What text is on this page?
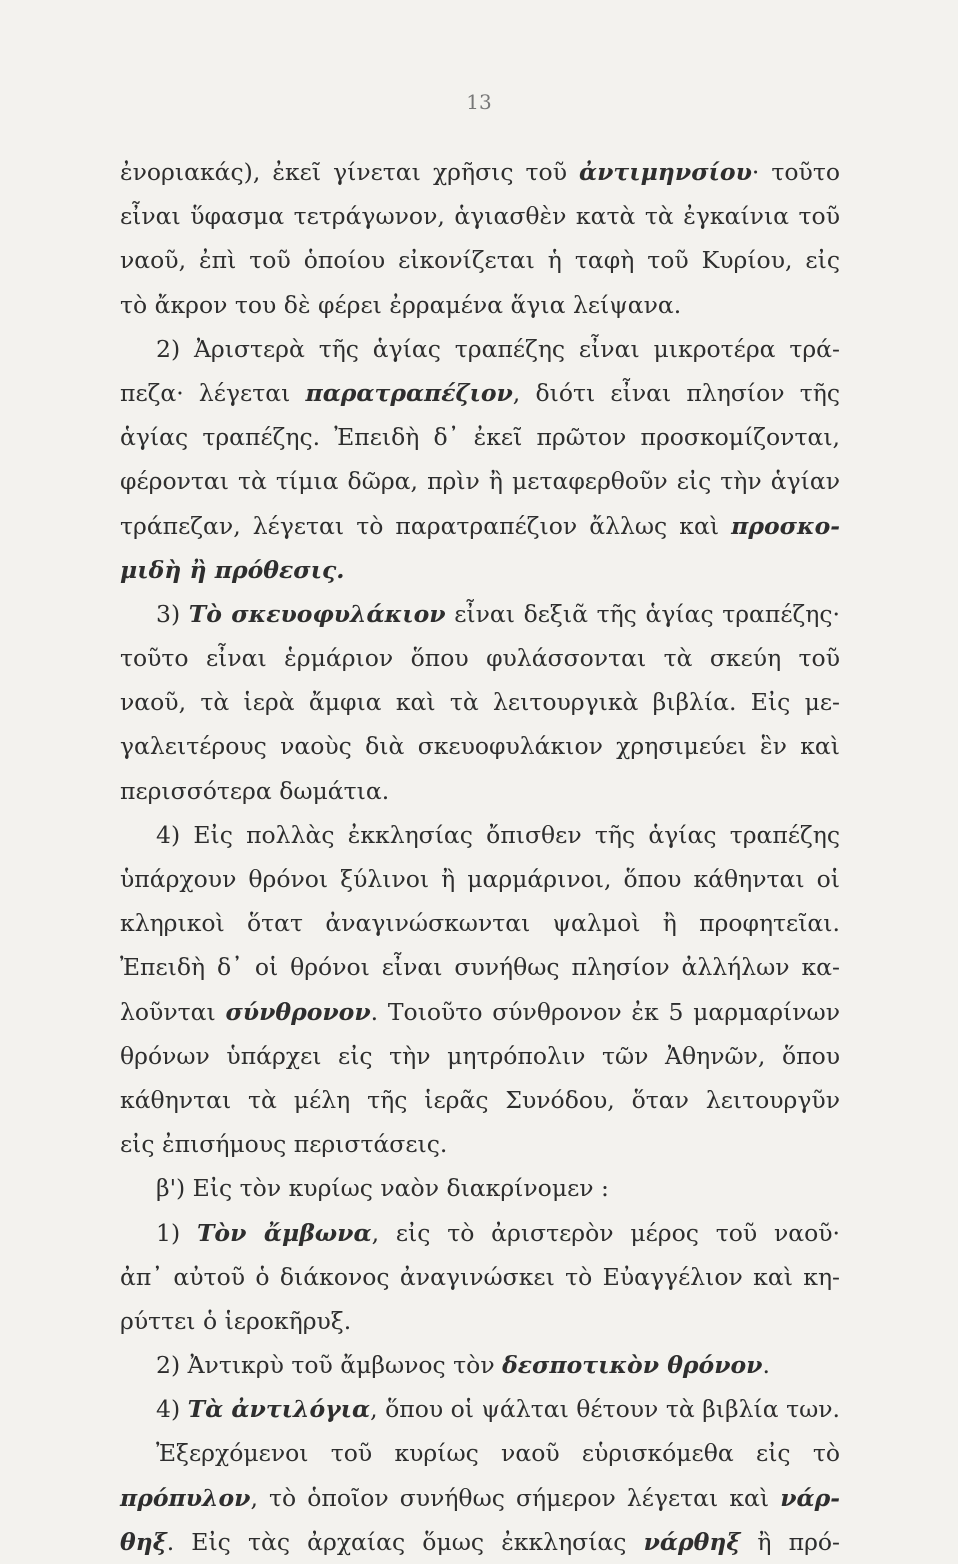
13
ἐνοριακάς), ἐκεῖ γίνεται χρῆσις τοῦ ἀντιμηνσίου· τοῦτο
εἶναι ὕφασμα τετράγωνον, ἁγιασθὲν κατὰ τὰ ἐγκαίνια τοῦ
ναοῦ, ἐπὶ τοῦ ὁποίου εἰκονίζεται ἡ ταφὴ τοῦ Κυρίου, εἰς
τὸ ἄκρον του δὲ φέρει ἐρραμένα ἅγια λείψανα.
2) Ἀριστερὰ τῆς ἁγίας τραπέζης εἶναι μικροτέρα τρά-
πεζα· λέγεται παρατραπέζιον, διότι εἶναι πλησίον τῆς
ἁγίας τραπέζης. Ἐπειδὴ δ᾽ ἐκεῖ πρῶτον προσκομίζονται,
φέρονται τὰ τίμια δῶρα, πρὶν ἢ μεταφερθοῦν εἰς τὴν ἁγίαν
τράπεζαν, λέγεται τὸ παρατραπέζιον ἄλλως καὶ προσκο-
μιδὴ ἢ πρόθεσις.
3) Τὸ σκευοφυλάκιον εἶναι δεξιᾶ τῆς ἁγίας τραπέζης·
τοῦτο εἶναι ἑρμάριον ὅπου φυλάσσονται τὰ σκεύη τοῦ
ναοῦ, τὰ ἱερὰ ἄμφια καὶ τὰ λειτουργικὰ βιβλία. Εἰς με-
γαλειτέρους ναοὺς διὰ σκευοφυλάκιον χρησιμεύει ἓν καὶ
περισσότερα δωμάτια.
4) Εἰς πολλὰς ἐκκλησίας ὄπισθεν τῆς ἁγίας τραπέζης
ὑπάρχουν θρόνοι ξύλινοι ἢ μαρμάρινοι, ὅπου κάθηνται οἱ
κληρικοὶ ὅτατ ἀναγινώσκωνται ψαλμοὶ ἢ προφητεῖαι.
Ἐπειδὴ δ᾽ οἱ θρόνοι εἶναι συνήθως πλησίον ἀλλήλων κα-
λοῦνται σύνθρονον. Τοιοῦτο σύνθρονον ἐκ 5 μαρμαρίνων
θρόνων ὑπάρχει εἰς τὴν μητρόπολιν τῶν Ἀθηνῶν, ὅπου
κάθηνται τὰ μέλη τῆς ἱερᾶς Συνόδου, ὅταν λειτουργῦν
εἰς ἐπισήμους περιστάσεις.
β') Εἰς τὸν κυρίως ναὸν διακρίνομεν :
1) Τὸν ἄμβωνα, εἰς τὸ ἀριστερὸν μέρος τοῦ ναοῦ·
ἀπ᾽ αὐτοῦ ὁ διάκονος ἀναγινώσκει τὸ Εὐαγγέλιον καὶ κη-
ρύττει ὁ ἱεροκῆρυξ.
2) Ἀντικρὺ τοῦ ἄμβωνος τὸν δεσποτικὸν θρόνον.
4) Τὰ ἀντιλόγια, ὅπου οἱ ψάλται θέτουν τὰ βιβλία των.
Ἐξερχόμενοι τοῦ κυρίως ναοῦ εὑρισκόμεθα εἰς τὸ
πρόπυλον, τὸ ὁποῖον συνήθως σήμερον λέγεται καὶ νάρ-
θηξ. Εἰς τὰς ἀρχαίας ὅμως ἐκκλησίας νάρθηξ ἢ πρό-
